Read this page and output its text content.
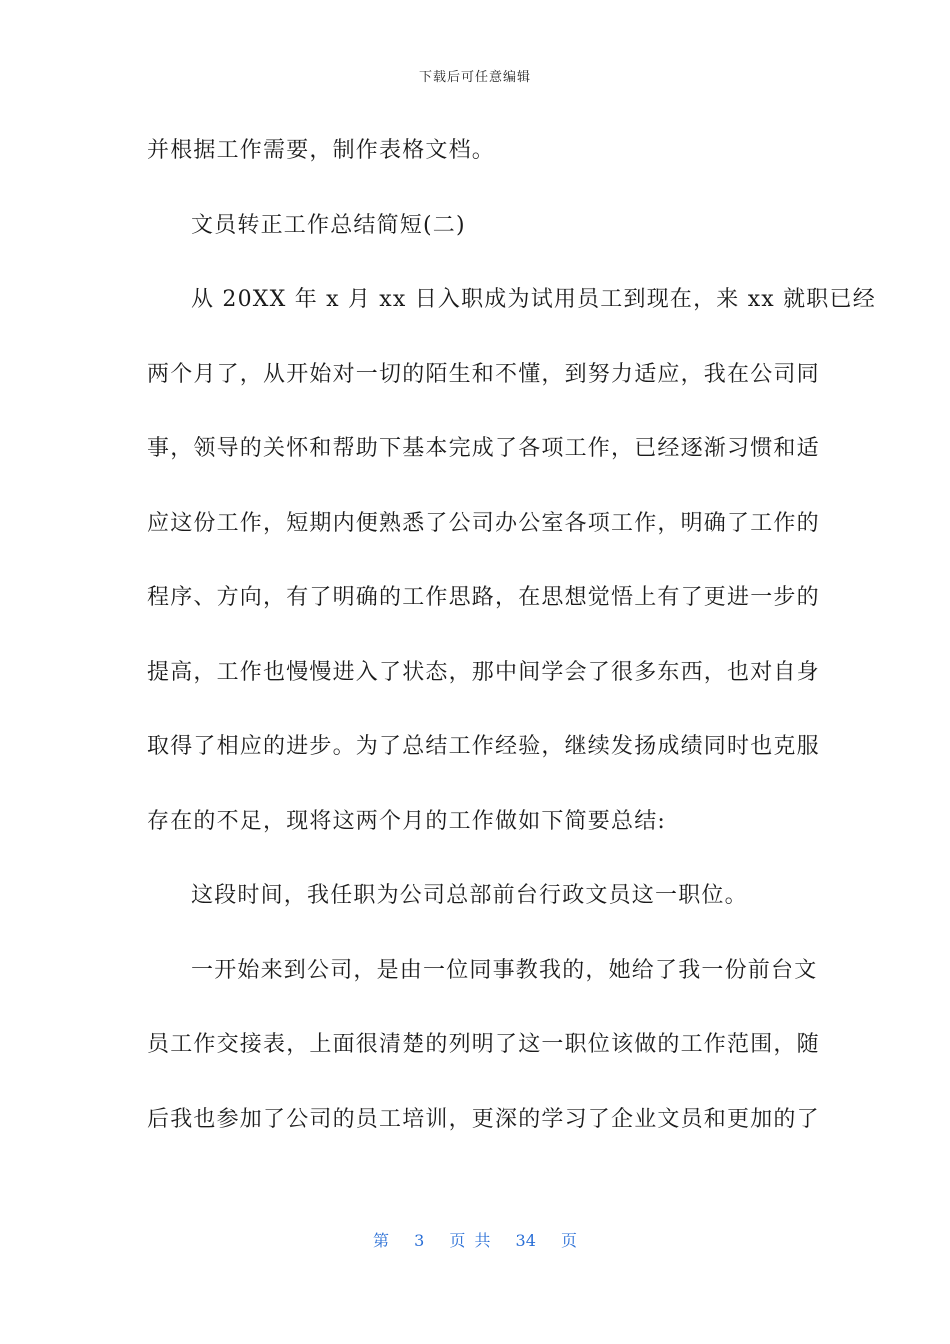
下载后可任意编辑
并根据工作需要，制作表格文档。
文员转正工作总结简短(二)
从 20XX 年 x 月 xx 日入职成为试用员工到现在，来 xx 就职已经
两个月了，从开始对一切的陌生和不懂，到努力适应，我在公司同
事，领导的关怀和帮助下基本完成了各项工作，已经逐渐习惯和适
应这份工作，短期内便熟悉了公司办公室各项工作，明确了工作的
程序、方向，有了明确的工作思路，在思想觉悟上有了更进一步的
提高，工作也慢慢进入了状态，那中间学会了很多东西，也对自身
取得了相应的进步。为了总结工作经验，继续发扬成绩同时也克服
存在的不足，现将这两个月的工作做如下简要总结:
这段时间，我任职为公司总部前台行政文员这一职位。
一开始来到公司，是由一位同事教我的，她给了我一份前台文
员工作交接表，上面很清楚的列明了这一职位该做的工作范围，随
后我也参加了公司的员工培训，更深的学习了企业文员和更加的了
第 3 页 共 34 页
